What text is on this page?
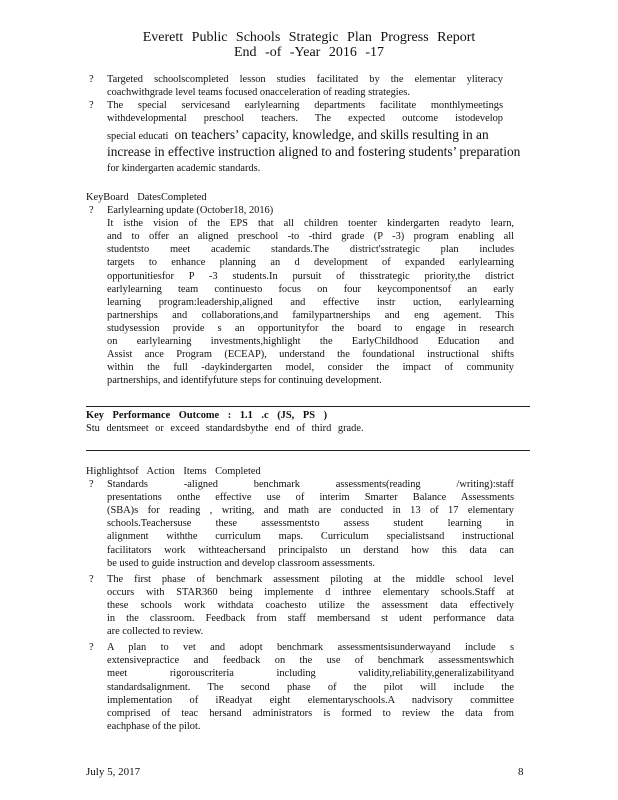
Everett Public Schools Strategic Plan Progress Report
End -of -Year 2016 -17
? Targeted schoolscompleted lesson studies facilitated by the elementar yliteracy
coachwithgrade level teams focused onacceleration of reading strategies.
? The special servicesand earlylearning departments facilitate monthlymeetings
withdevelopmental preschool teachers. The expected outcome istodevelop
special educati on teachers’ capacity, knowledge, and skills resulting in an
increase in effective instruction aligned to and fostering students’ preparation
for kindergarten academic standards.
KeyBoard DatesCompleted
? Earlylearning update (October18, 2016)
It isthe vision of the EPS that all children toenter kindergarten readyto learn,
and to offer an aligned preschool -to -third grade (P -3) program enabling all
studentsto meet academic standards.The district'sstrategic plan includes
targets to enhance planning an d development of expanded earlylearning
opportunitiesfor P -3 students.In pursuit of thisstrategic priority,the district
earlylearning team continuesto focus on four keycomponentsof an early
learning program:leadership,aligned and effective instr uction, earlylearning
partnerships and collaborations,and familypartnerships and eng agement. This
studysession provide s an opportunityfor the board to engage in research
on earlylearning investments,highlight the EarlyChildhood Education and
Assist ance Program (ECEAP), understand the foundational instructional shifts
within the full -daykindergarten model, consider the impact of community
partnerships, and identifyfuture steps for continuing development.
Key Performance Outcome : 1.1 .c (JS, PS )
Stu dentsmeet or exceed standardsbythe end of third grade.
Highlightsof Action Items Completed
? Standards -aligned benchmark assessments(reading /writing):staff
presentations onthe effective use of interim Smarter Balance Assessments
(SBA)s for reading , writing, and math are conducted in 13 of 17 elementary
schools.Teachersuse these assessmentsto assess student learning in
alignment withthe curriculum maps. Curriculum specialistsand instructional
facilitators work withteachersand principalsto un derstand how this data can
be used to guide instruction and develop classroom assessments.
? The first phase of benchmark assessment piloting at the middle school level
occurs with STAR360 being implemente d inthree elementary schools.Staff at
these schools work withdata coachesto utilize the assessment data effectively
in the classroom. Feedback from staff membersand st udent performance data
are collected to review.
? A plan to vet and adopt benchmark assessmentsisunderwayand include s
extensivepractice and feedback on the use of benchmark assessmentswhich
meet rigorouscriteria including validity,reliability,generalizabilityand
standardsalignment. The second phase of the pilot will include the
implementation of iReadyat eight elementaryschools.A nadvisory committee
comprised of teac hersand administrators is formed to review the data from
eachphase of the pilot.
July 5, 2017	8
